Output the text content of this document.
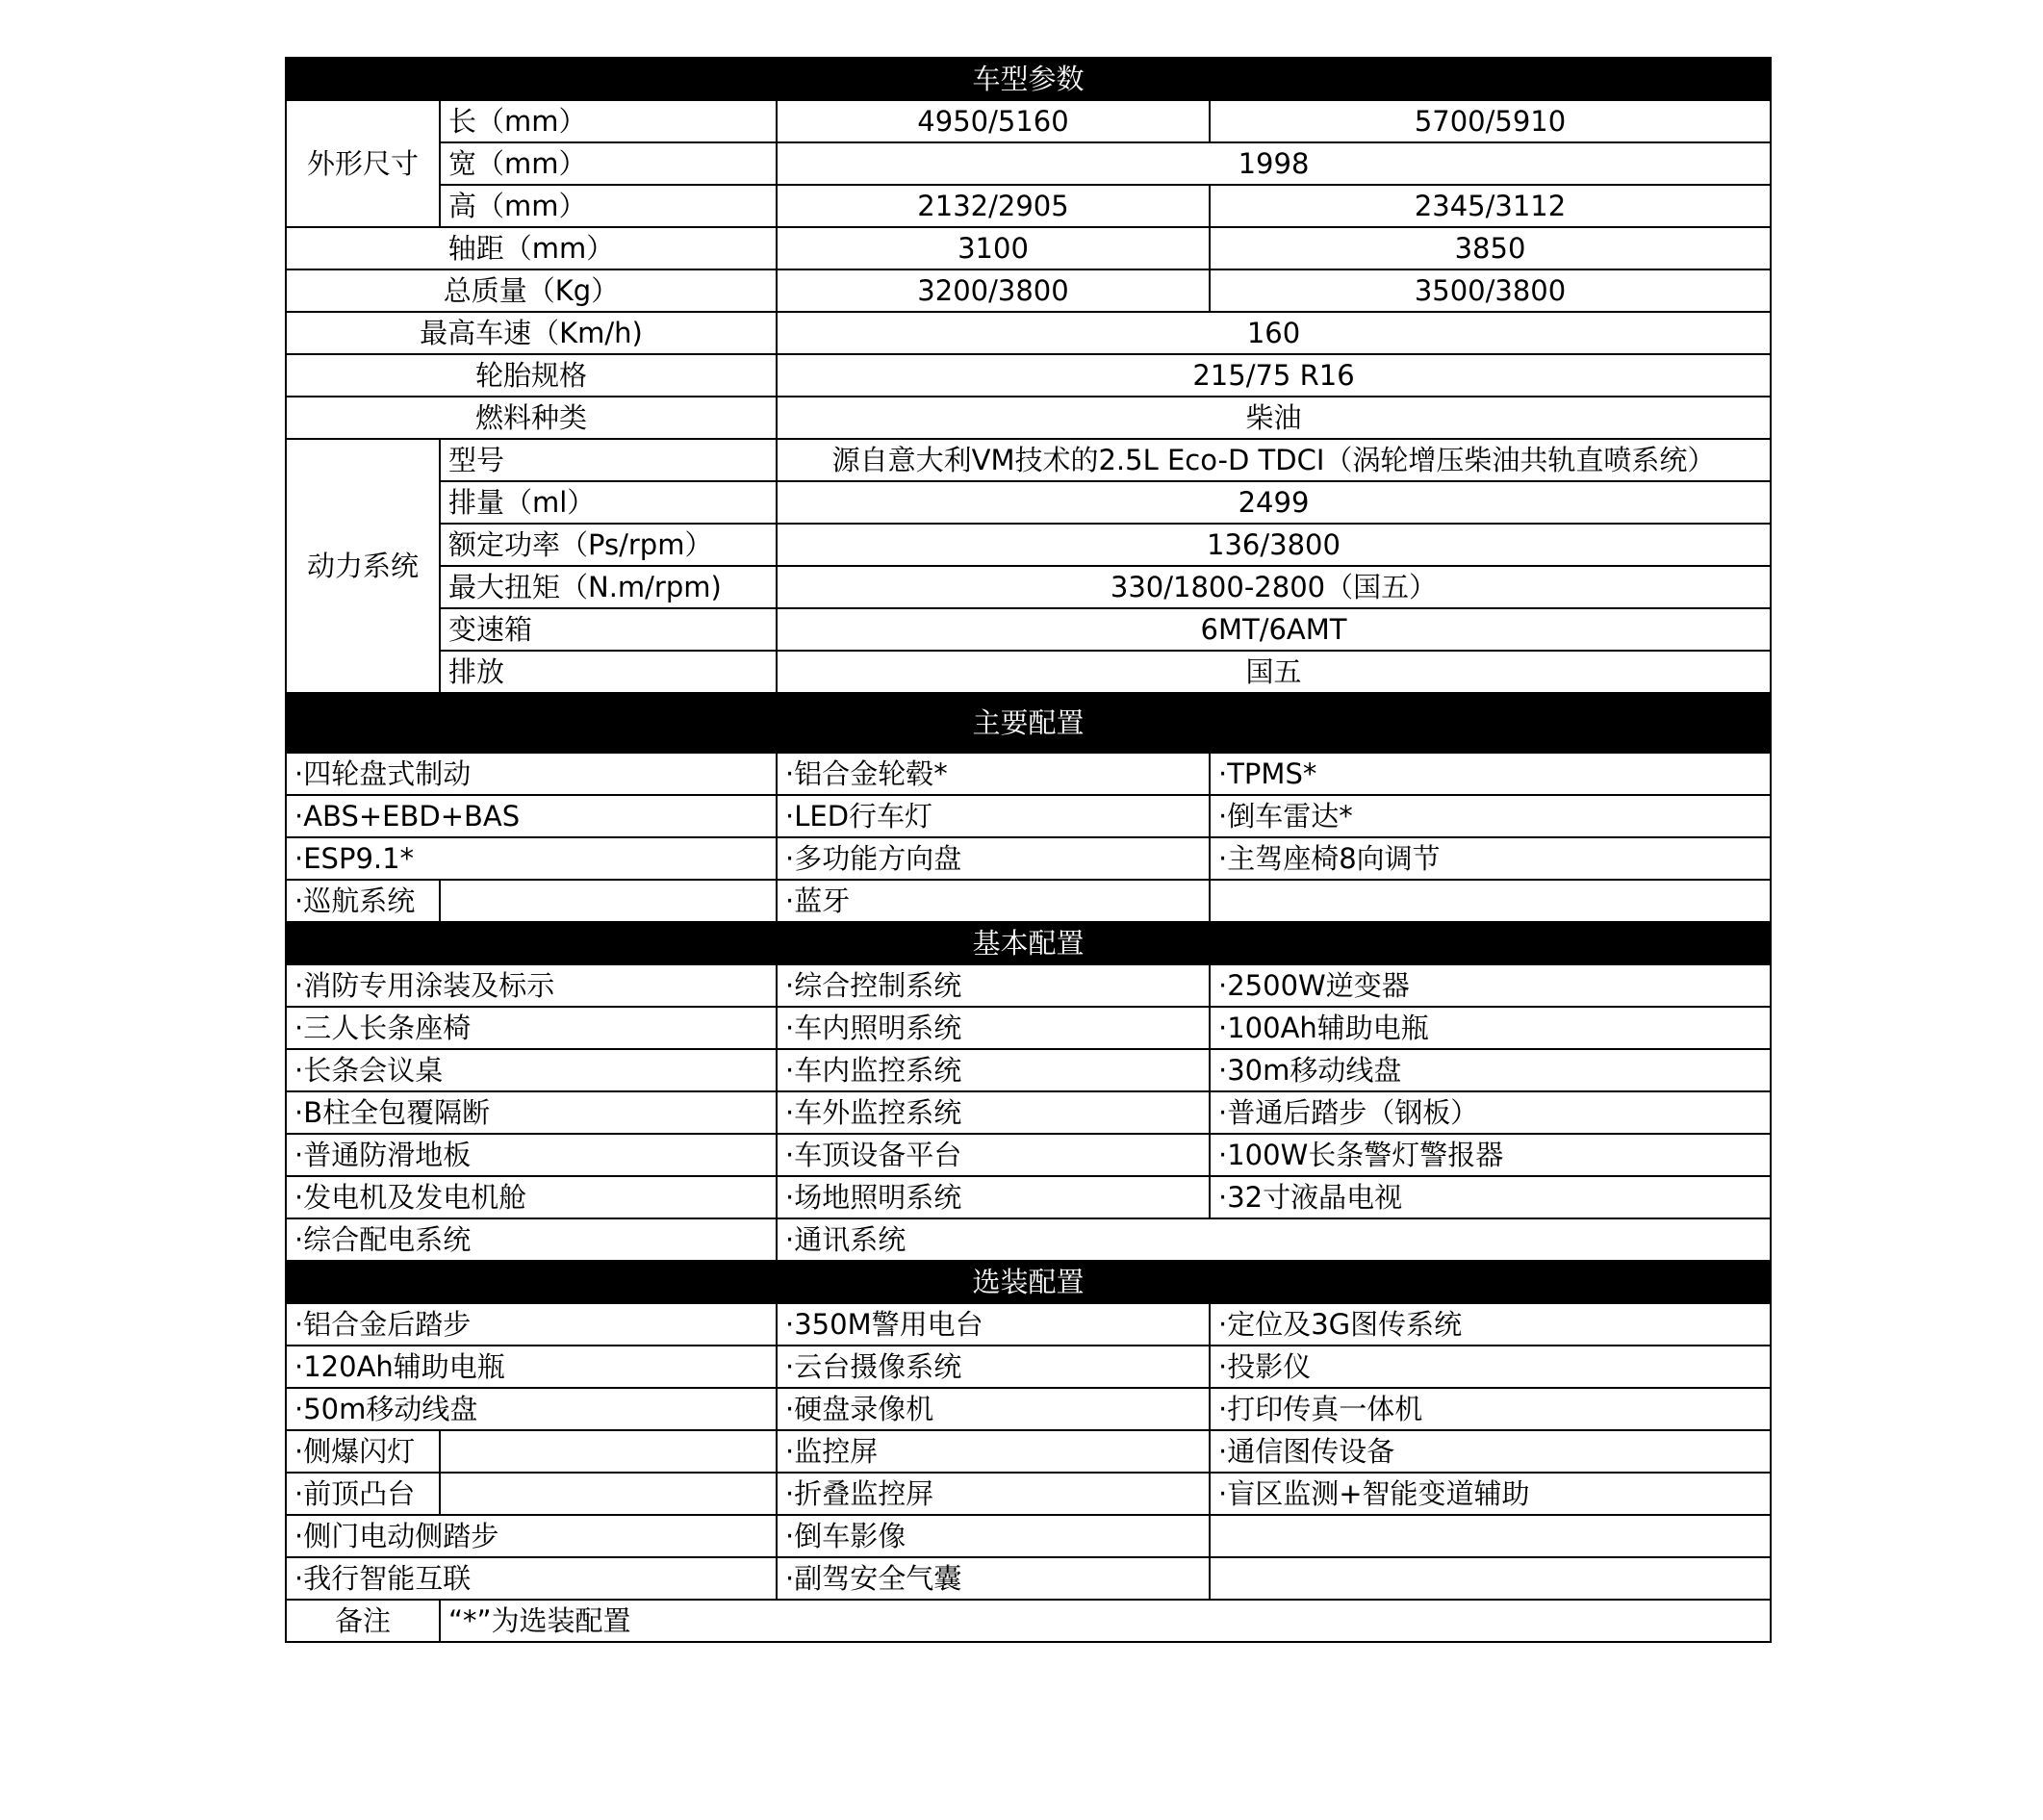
车型参数			
外形尺寸	长（mm）	4950/5160	5700/5910
	宽（mm）	1998	
	高（mm）	2132/2905	2345/3112
轴距（mm）		3100	3850
总质量（Kg）		3200/3800	3500/3800
最高车速（Km/h)		160	
轮胎规格		215/75 R16	
燃料种类		柴油	
动力系统	型号	源自意大利VM技术的2.5L Eco-D TDCI（涡轮增压柴油共轨直喷系统）	
	排量（ml）	2499	
	额定功率（Ps/rpm）	136/3800	
	最大扭矩（N.m/rpm)	330/1800-2800（国五）	
	变速箱	6MT/6AMT	
	排放	国五	
主要配置			
·四轮盘式制动		·铝合金轮毂*	·TPMS*
·ABS+EBD+BAS		·LED行车灯	·倒车雷达*
·ESP9.1*		·多功能方向盘	·主驾座椅8向调节
·巡航系统		·蓝牙	
基本配置			
·消防专用涂装及标示		·综合控制系统	·2500W逆变器
·三人长条座椅		·车内照明系统	·100Ah辅助电瓶
·长条会议桌		·车内监控系统	·30m移动线盘
·B柱全包覆隔断		·车外监控系统	·普通后踏步（钢板）
·普通防滑地板		·车顶设备平台	·100W长条警灯警报器
·发电机及发电机舱		·场地照明系统	·32寸液晶电视
·综合配电系统		·通讯系统	
选装配置			
·铝合金后踏步		·350M警用电台	·定位及3G图传系统
·120Ah辅助电瓶		·云台摄像系统	·投影仪
·50m移动线盘		·硬盘录像机	·打印传真一体机
·侧爆闪灯		·监控屏	·通信图传设备
·前顶凸台		·折叠监控屏	·盲区监测+智能变道辅助
·侧门电动侧踏步		·倒车影像	
·我行智能互联		·副驾安全气囊	
备注	“*”为选装配置		
